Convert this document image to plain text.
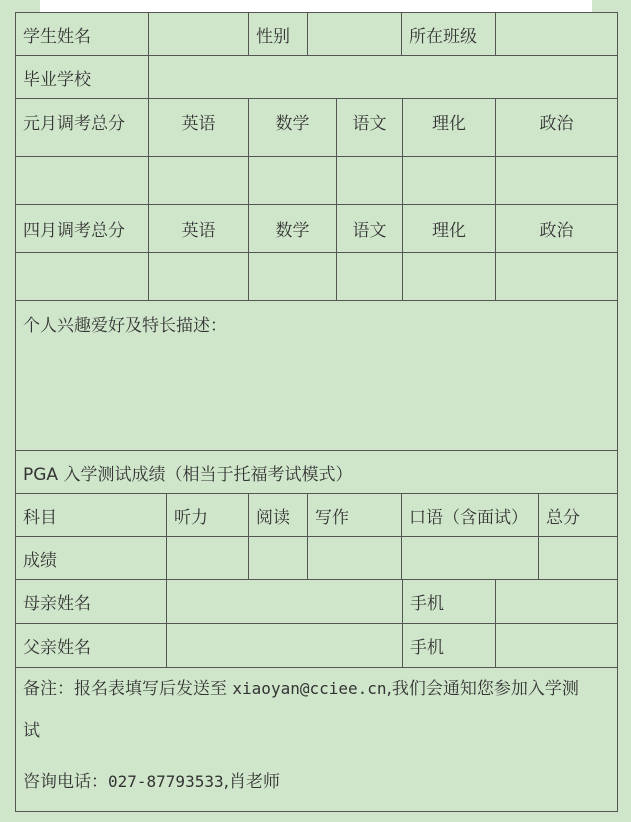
学生姓名			性别			所在班级		
毕业学校								
元月调考总分	英语		数学		语文	理化	政治	

四月调考总分	英语		数学		语文	理化	政治	

个人兴趣爱好及特长描述：								
PGA 入学测试成绩（相当于托福考试模式）								
科目		听力	阅读	写作		口语（含面试）		总分
成绩								
母亲姓名						手机		
父亲姓名						手机		

备注：报名表填写后发送至 xiaoyan@cciee.cn,我们会通知您参加入学测
试
咨询电话：027-87793533,肖老师								
